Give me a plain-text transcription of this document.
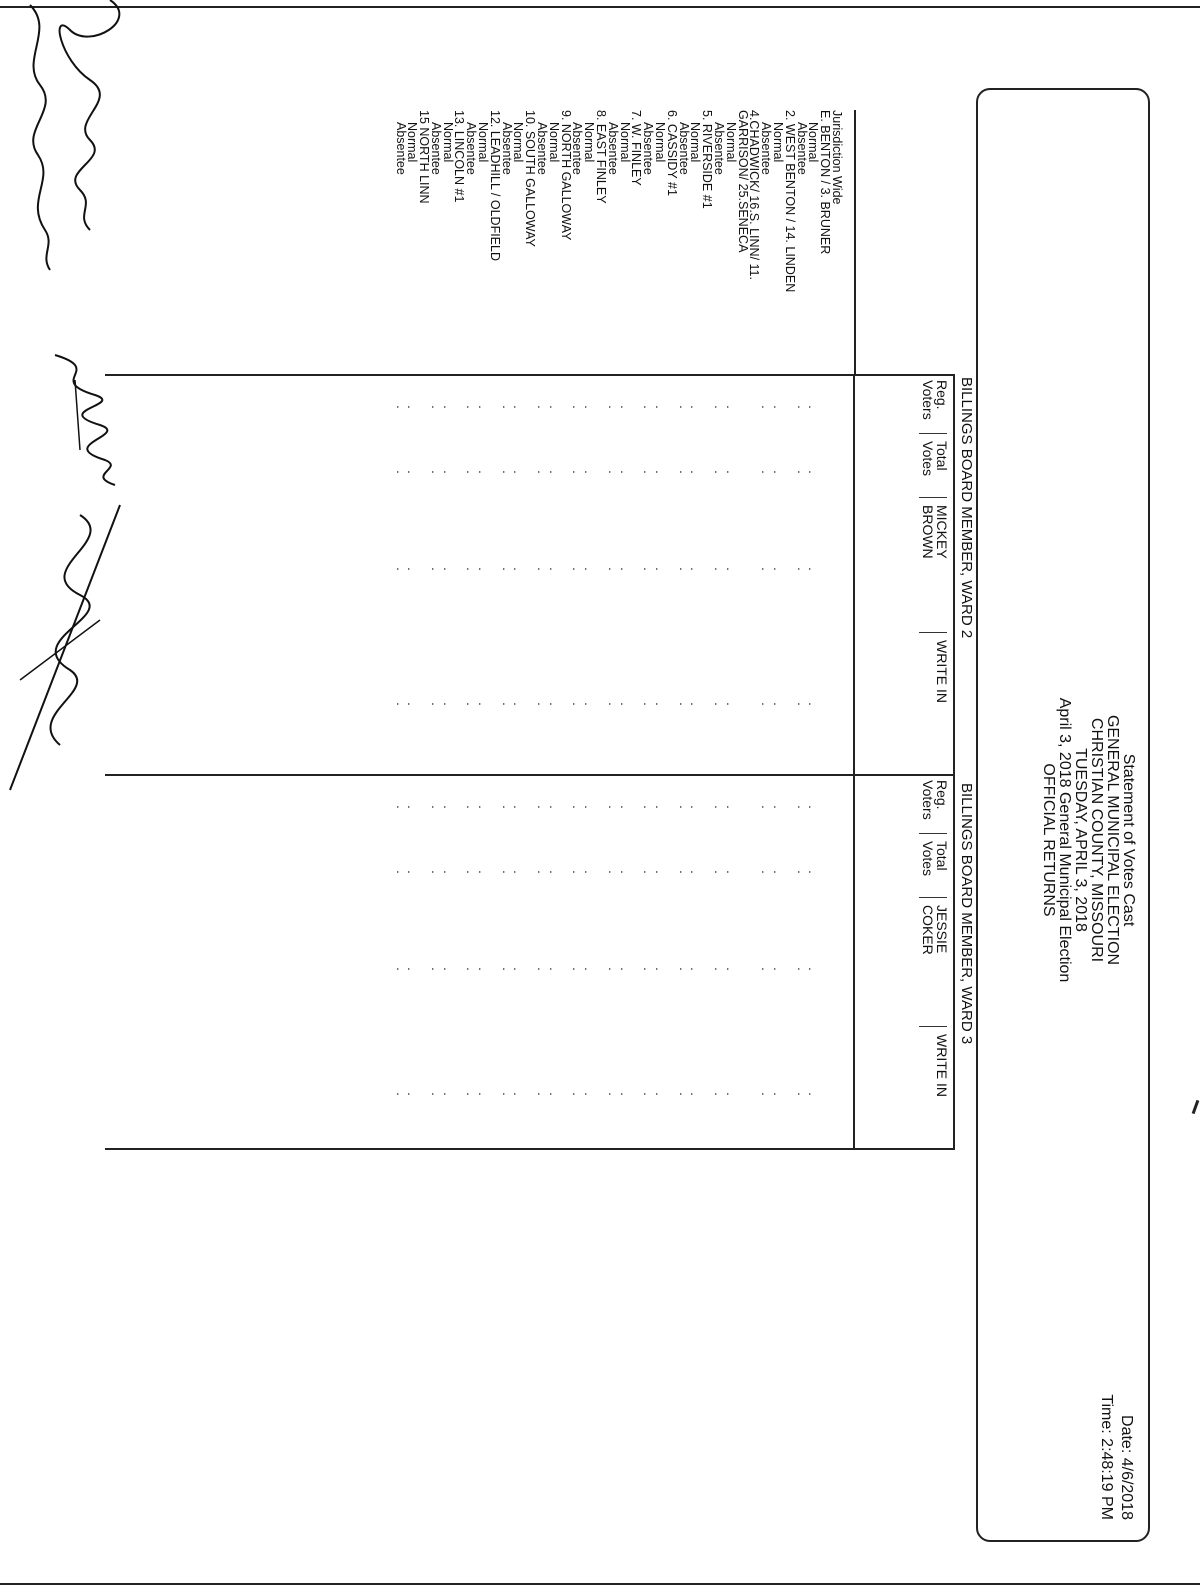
Statement of Votes Cast
GENERAL MUNICIPAL ELECTION
CHRISTIAN COUNTY, MISSOURI
TUESDAY, APRIL 3, 2018
April 3, 2018 General Municipal Election
OFFICIAL RETURNS
Date: 4/6/2018
Time: 2:48:19 PM
BILLINGS BOARD MEMBER, WARD 2
BILLINGS BOARD MEMBER, WARD 3
Reg.
Voters
Total
Votes
MICKEY
BROWN
WRITE IN
Reg.
Voters
Total
Votes
JESSIE
COKER
WRITE IN
Jurisdiction Wide
E. BENTON / 3. BRUNER
Normal
Absentee
2. WEST BENTON / 14. LINDEN
Normal
Absentee
4.CHADWICK/ 16.S. LINN/ 11.
GARRISON/ 25.SENECA
Normal
Absentee
5. RIVERSIDE #1
Normal
Absentee
6. CASSIDY #1
Normal
Absentee
7. W. FINLEY
Normal
Absentee
8. EAST FINLEY
Normal
Absentee
9. NORTH GALLOWAY
Normal
Absentee
10. SOUTH GALLOWAY
Normal
Absentee
12. LEADHILL / OLDFIELD
Normal
Absentee
13. LINCOLN #1
Normal
Absentee
15 NORTH LINN
Normal
Absentee
.
.
.
.
.
.
.
.
.
.
.
.
.
.
.
.
.
.
.
.
.
.
.
.
.
.
.
.
.
.
.
.
.
.
.
.
.
.
.
.
.
.
.
.
.
.
.
.
.
.
.
.
.
.
.
.
.
.
.
.
.
.
.
.
.
.
.
.
.
.
.
.
.
.
.
.
.
.
.
.
.
.
.
.
.
.
.
.
.
.
.
.
.
.
.
.
.
.
.
.
.
.
.
.
.
.
.
.
.
.
.
.
.
.
.
.
.
.
.
.
.
.
.
.
.
.
.
.
.
.
.
.
.
.
.
.
.
.
.
.
.
.
.
.
.
.
.
.
.
.
.
.
.
.
.
.
.
.
.
.
.
.
.
.
.
.
.
.
.
.
.
.
.
.
.
.
.
.
.
.
.
.
.
.
.
.
.
.
.
.
.
.
